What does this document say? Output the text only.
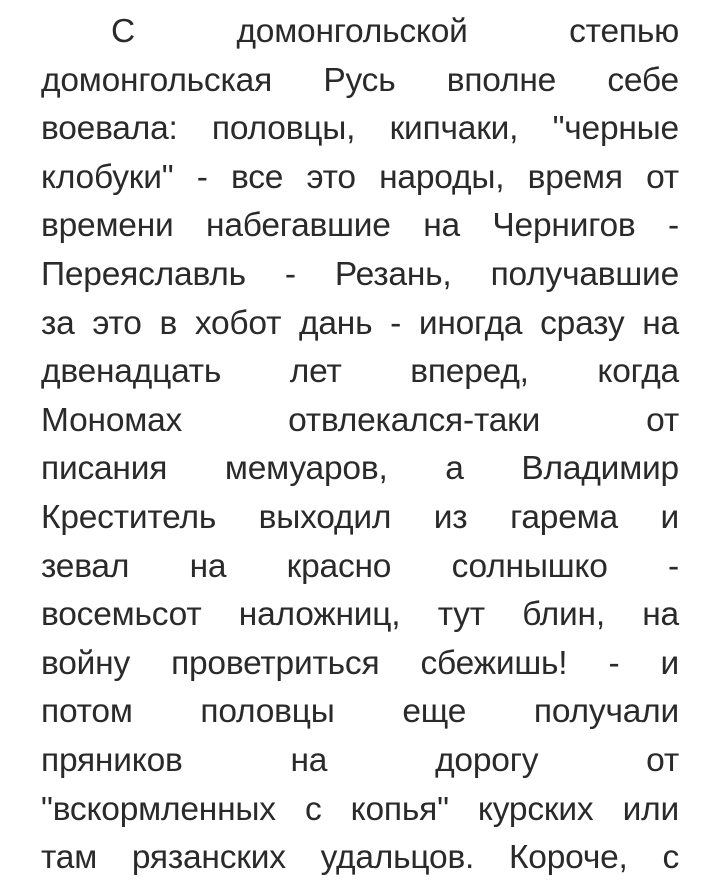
С	домонгольской	степью
домонгольская Русь вполне себе
воевала: половцы, кипчаки, "черные
клобуки" - все это народы, время от
времени набегавшие на Чернигов -
Переяславль - Резань, получавшие
за это в хобот дань - иногда сразу на
двенадцать лет вперед, когда
Мономах	отвлекался-таки	от
писания мемуаров, а Владимир
Креститель выходил из гарема и
зевал на красно солнышко -
восемьсот наложниц, тут блин, на
войну проветриться сбежишь! - и
потом половцы еще получали
пряников	на	дорогу	от
"вскормленных с копья" курских или
там рязанских удальцов. Короче, с
